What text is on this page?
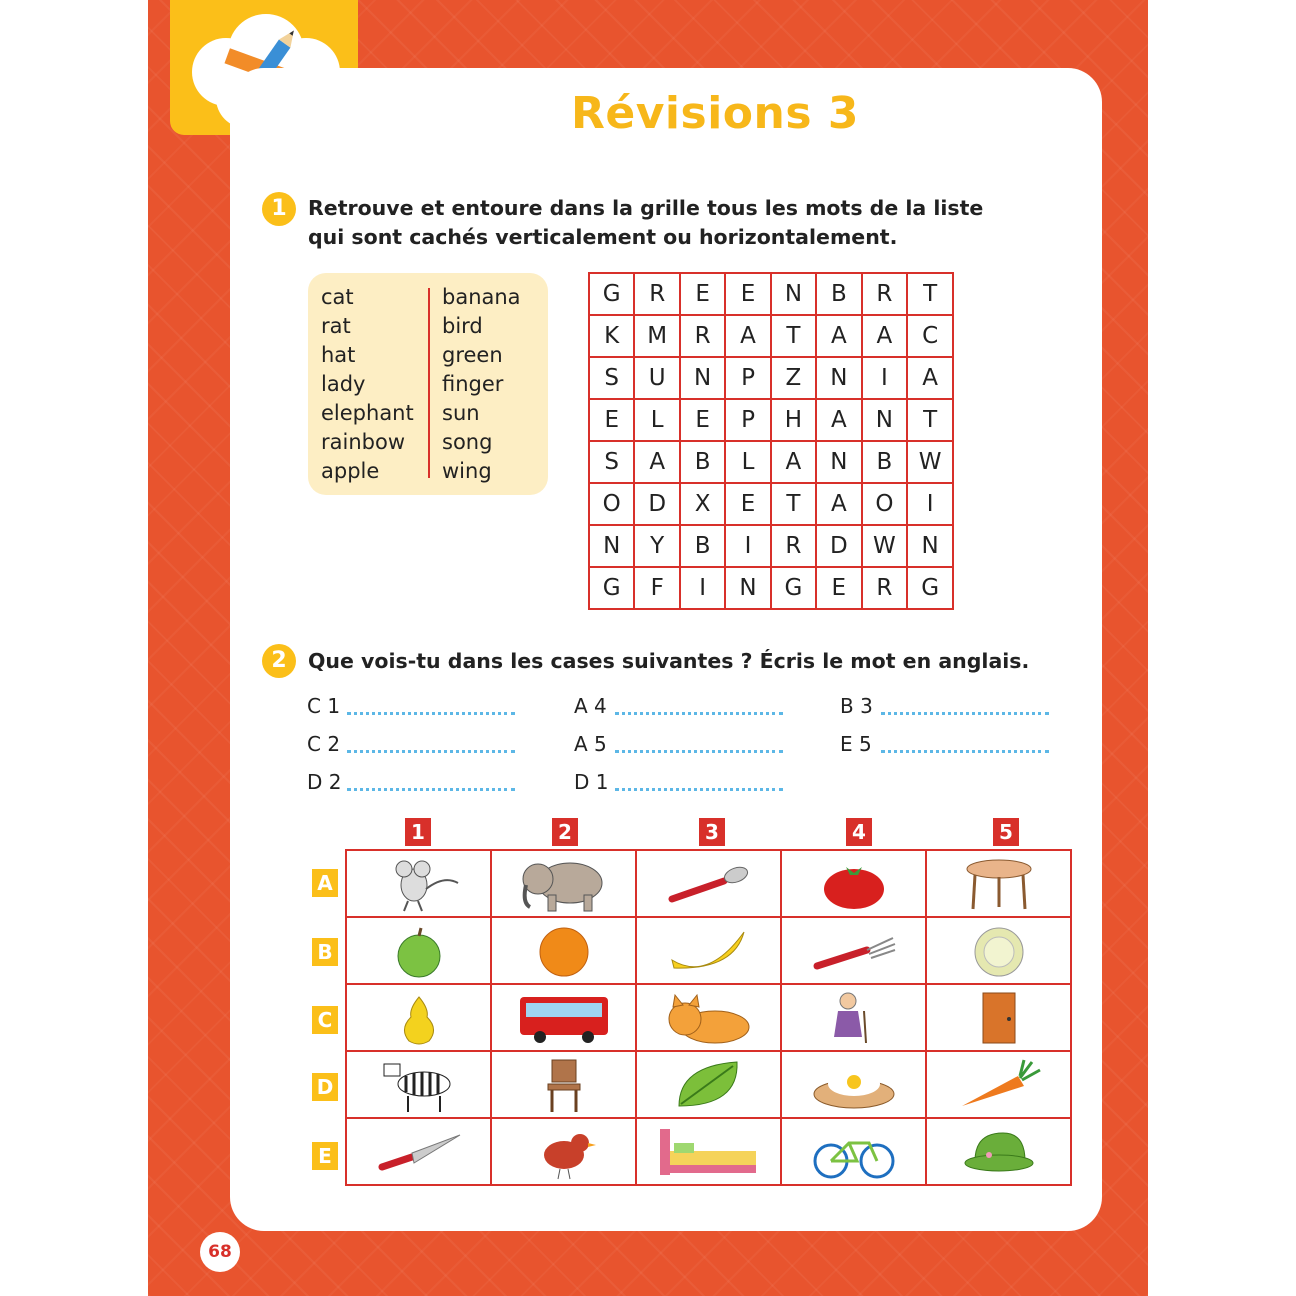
Révisions 3
1	Retrouve et entoure dans la grille tous les mots de la liste
qui sont cachés verticalement ou horizontalement.
cat
rat
hat
lady
elephant
rainbow
apple
banana
bird
green
finger
sun
song
wing
G	R	E	E	N	B	R	T
K	M	R	A	T	A	A	C
S	U	N	P	Z	N	I	A
E	L	E	P	H	A	N	T
S	A	B	L	A	N	B	W
O	D	X	E	T	A	O	I
N	Y	B	I	R	D	W	N
G	F	I	N	G	E	R	G
2	Que vois-tu dans les cases suivantes ? Écris le mot en anglais.
C 1	A 4	B 3
C 2	A 5	E 5
D 2	D 1
1	2	3	4	5
A
B
C
D
E

68
